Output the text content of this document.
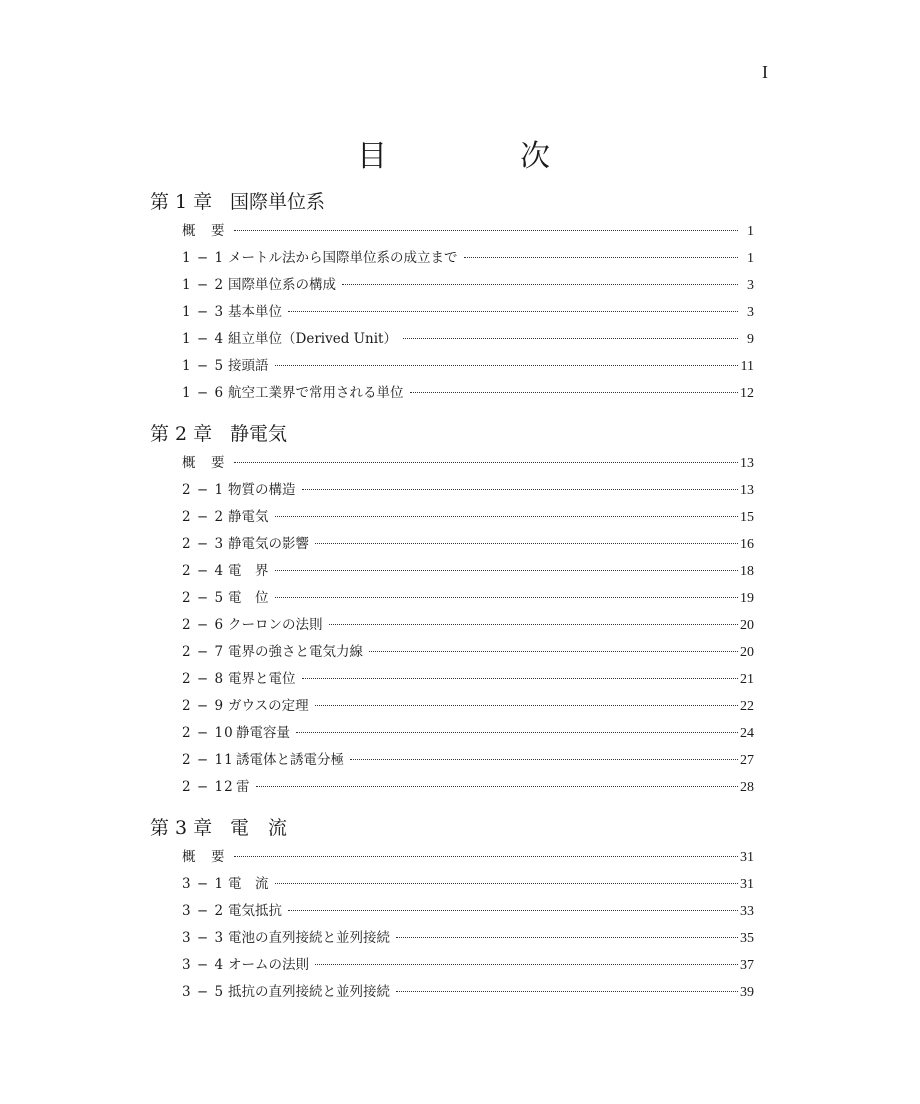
I
目	次
第 1 章 国際単位系
概　要	1
1 − 1 メートル法から国際単位系の成立まで	1
1 − 2 国際単位系の構成	3
1 − 3 基本単位	3
1 − 4 組立単位（Derived Unit）	9
1 − 5 接頭語	11
1 − 6 航空工業界で常用される単位	12
第 2 章 静電気
概　要	13
2 − 1 物質の構造	13
2 − 2 静電気	15
2 − 3 静電気の影響	16
2 − 4 電　界	18
2 − 5 電　位	19
2 − 6 クーロンの法則	20
2 − 7 電界の強さと電気力線	20
2 − 8 電界と電位	21
2 − 9 ガウスの定理	22
2 − 10 静電容量	24
2 − 11 誘電体と誘電分極	27
2 − 12 雷	28
第 3 章 電　流
概　要	31
3 − 1 電　流	31
3 − 2 電気抵抗	33
3 − 3 電池の直列接続と並列接続	35
3 − 4 オームの法則	37
3 − 5 抵抗の直列接続と並列接続	39
